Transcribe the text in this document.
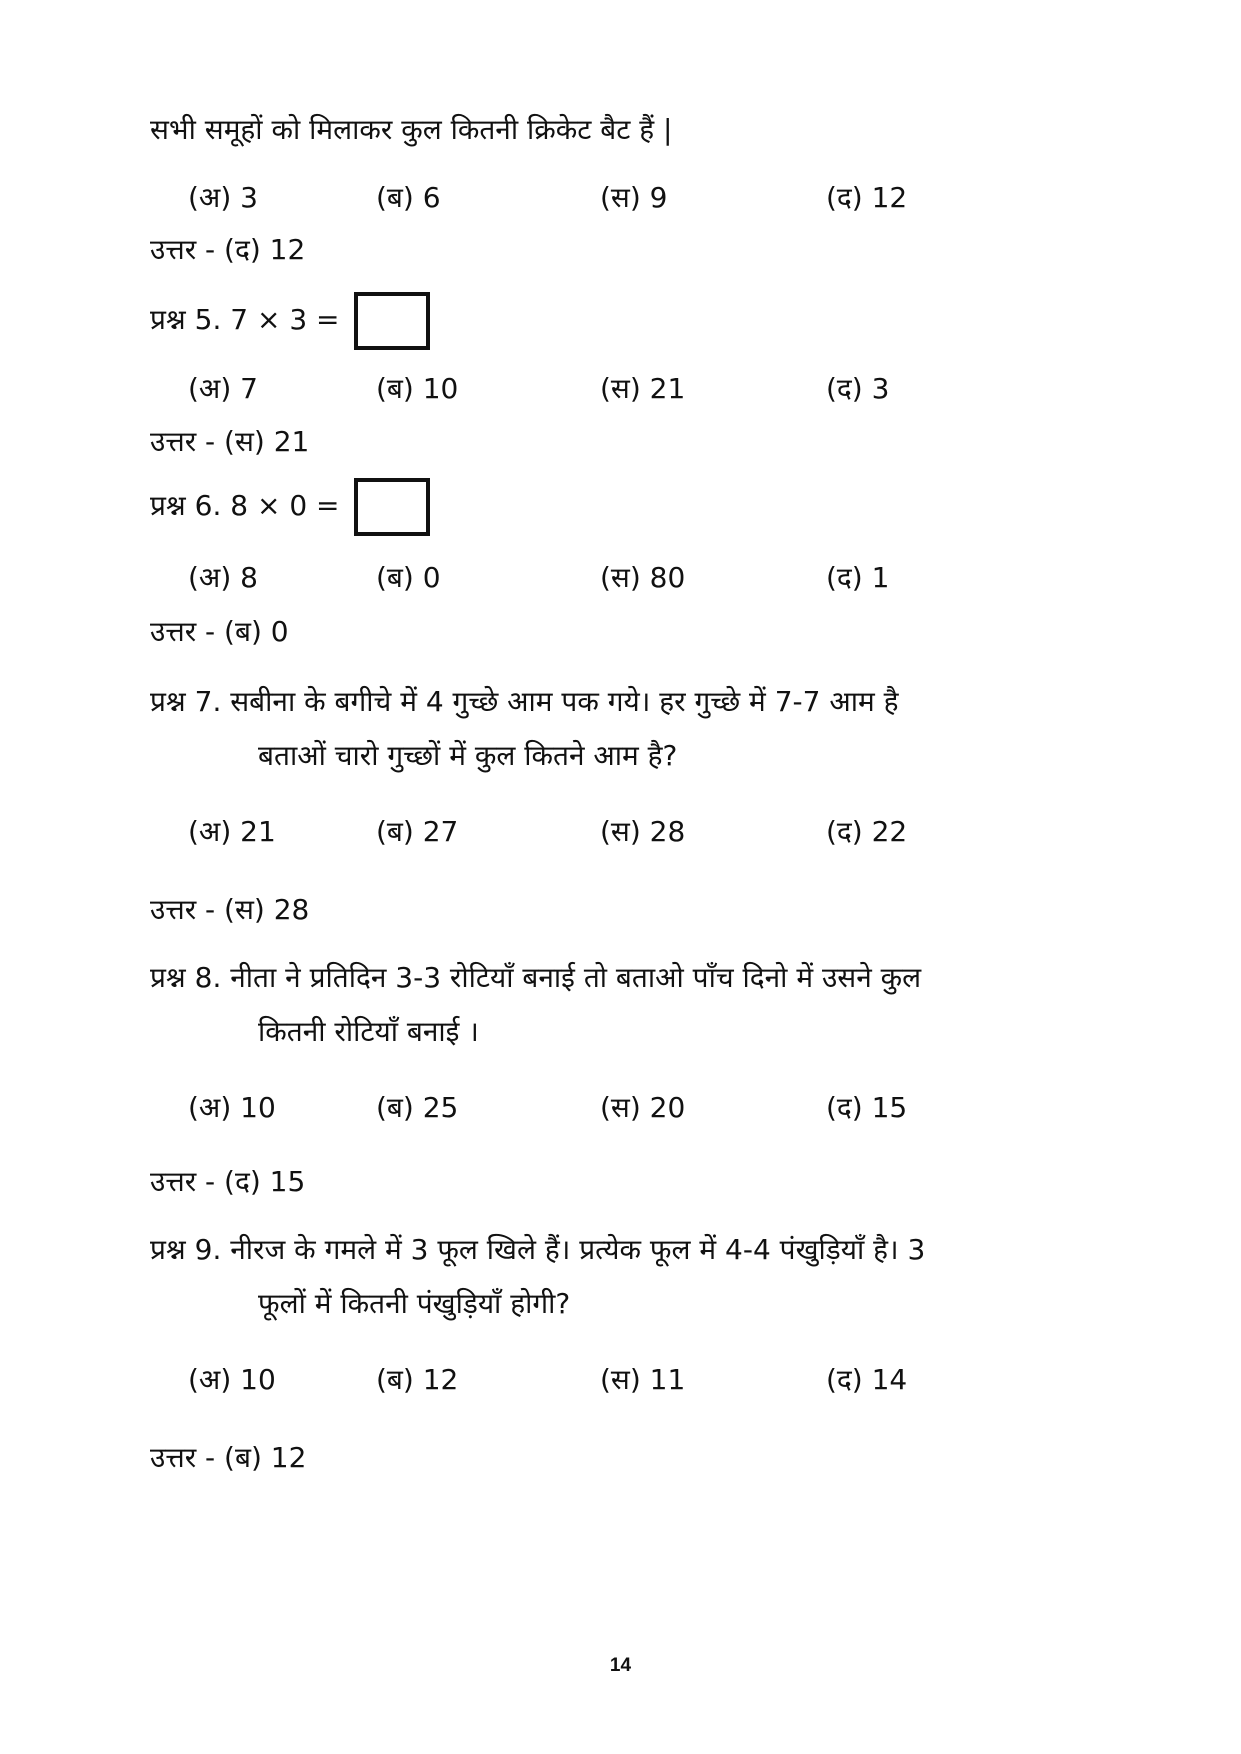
सभी समूहों को मिलाकर कुल कितनी क्रिकेट बैट हैं |
(अ) 3	(ब) 6	(स) 9	(द) 12
उत्तर - (द) 12
प्रश्न 5. 7 × 3 =
(अ) 7	(ब) 10	(स) 21	(द) 3
उत्तर - (स) 21
प्रश्न 6. 8 × 0 =
(अ) 8	(ब) 0	(स) 80	(द) 1
उत्तर - (ब) 0
प्रश्न 7. सबीना के बगीचे में 4 गुच्छे आम पक गये। हर गुच्छे में 7-7 आम है
बताओं चारो गुच्छों में कुल कितने आम है?
(अ) 21	(ब) 27	(स) 28	(द) 22
उत्तर - (स) 28
प्रश्न 8. नीता ने प्रतिदिन 3-3 रोटियाँ बनाई तो बताओ पाँच दिनो में उसने कुल
कितनी रोटियाँ बनाई ।
(अ) 10	(ब) 25	(स) 20	(द) 15
उत्तर - (द) 15
प्रश्न 9. नीरज के गमले में 3 फूल खिले हैं। प्रत्येक फूल में 4-4 पंखुड़ियाँ है। 3
फूलों में कितनी पंखुड़ियाँ होगी?
(अ) 10	(ब) 12	(स) 11	(द) 14
उत्तर - (ब) 12
14
